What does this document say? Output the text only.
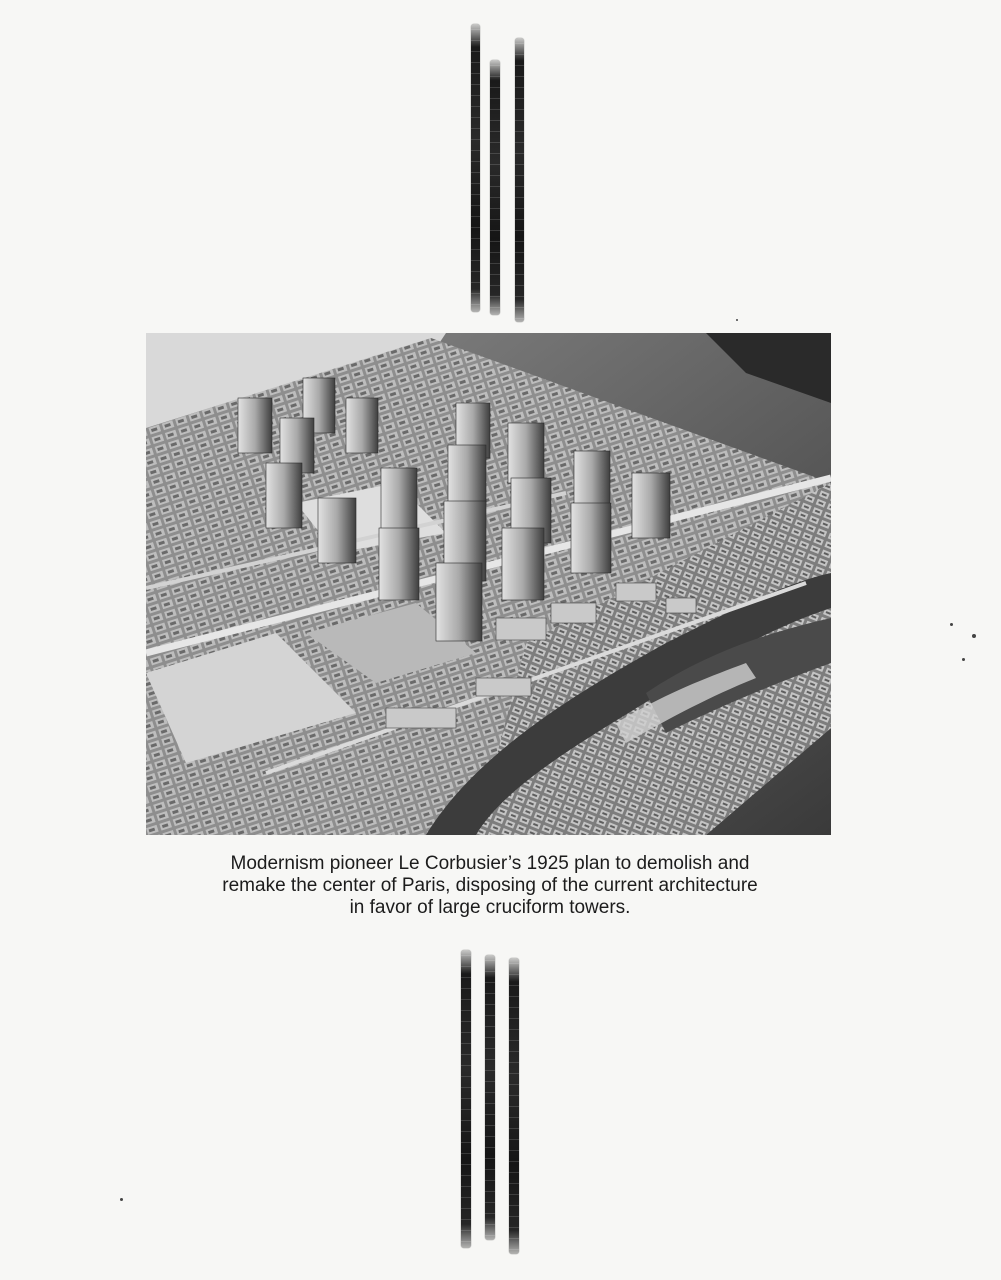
Modernism pioneer Le Corbusier’s 1925 plan to demolish and
remake the center of Paris, disposing of the current architecture
in favor of large cruciform towers.
